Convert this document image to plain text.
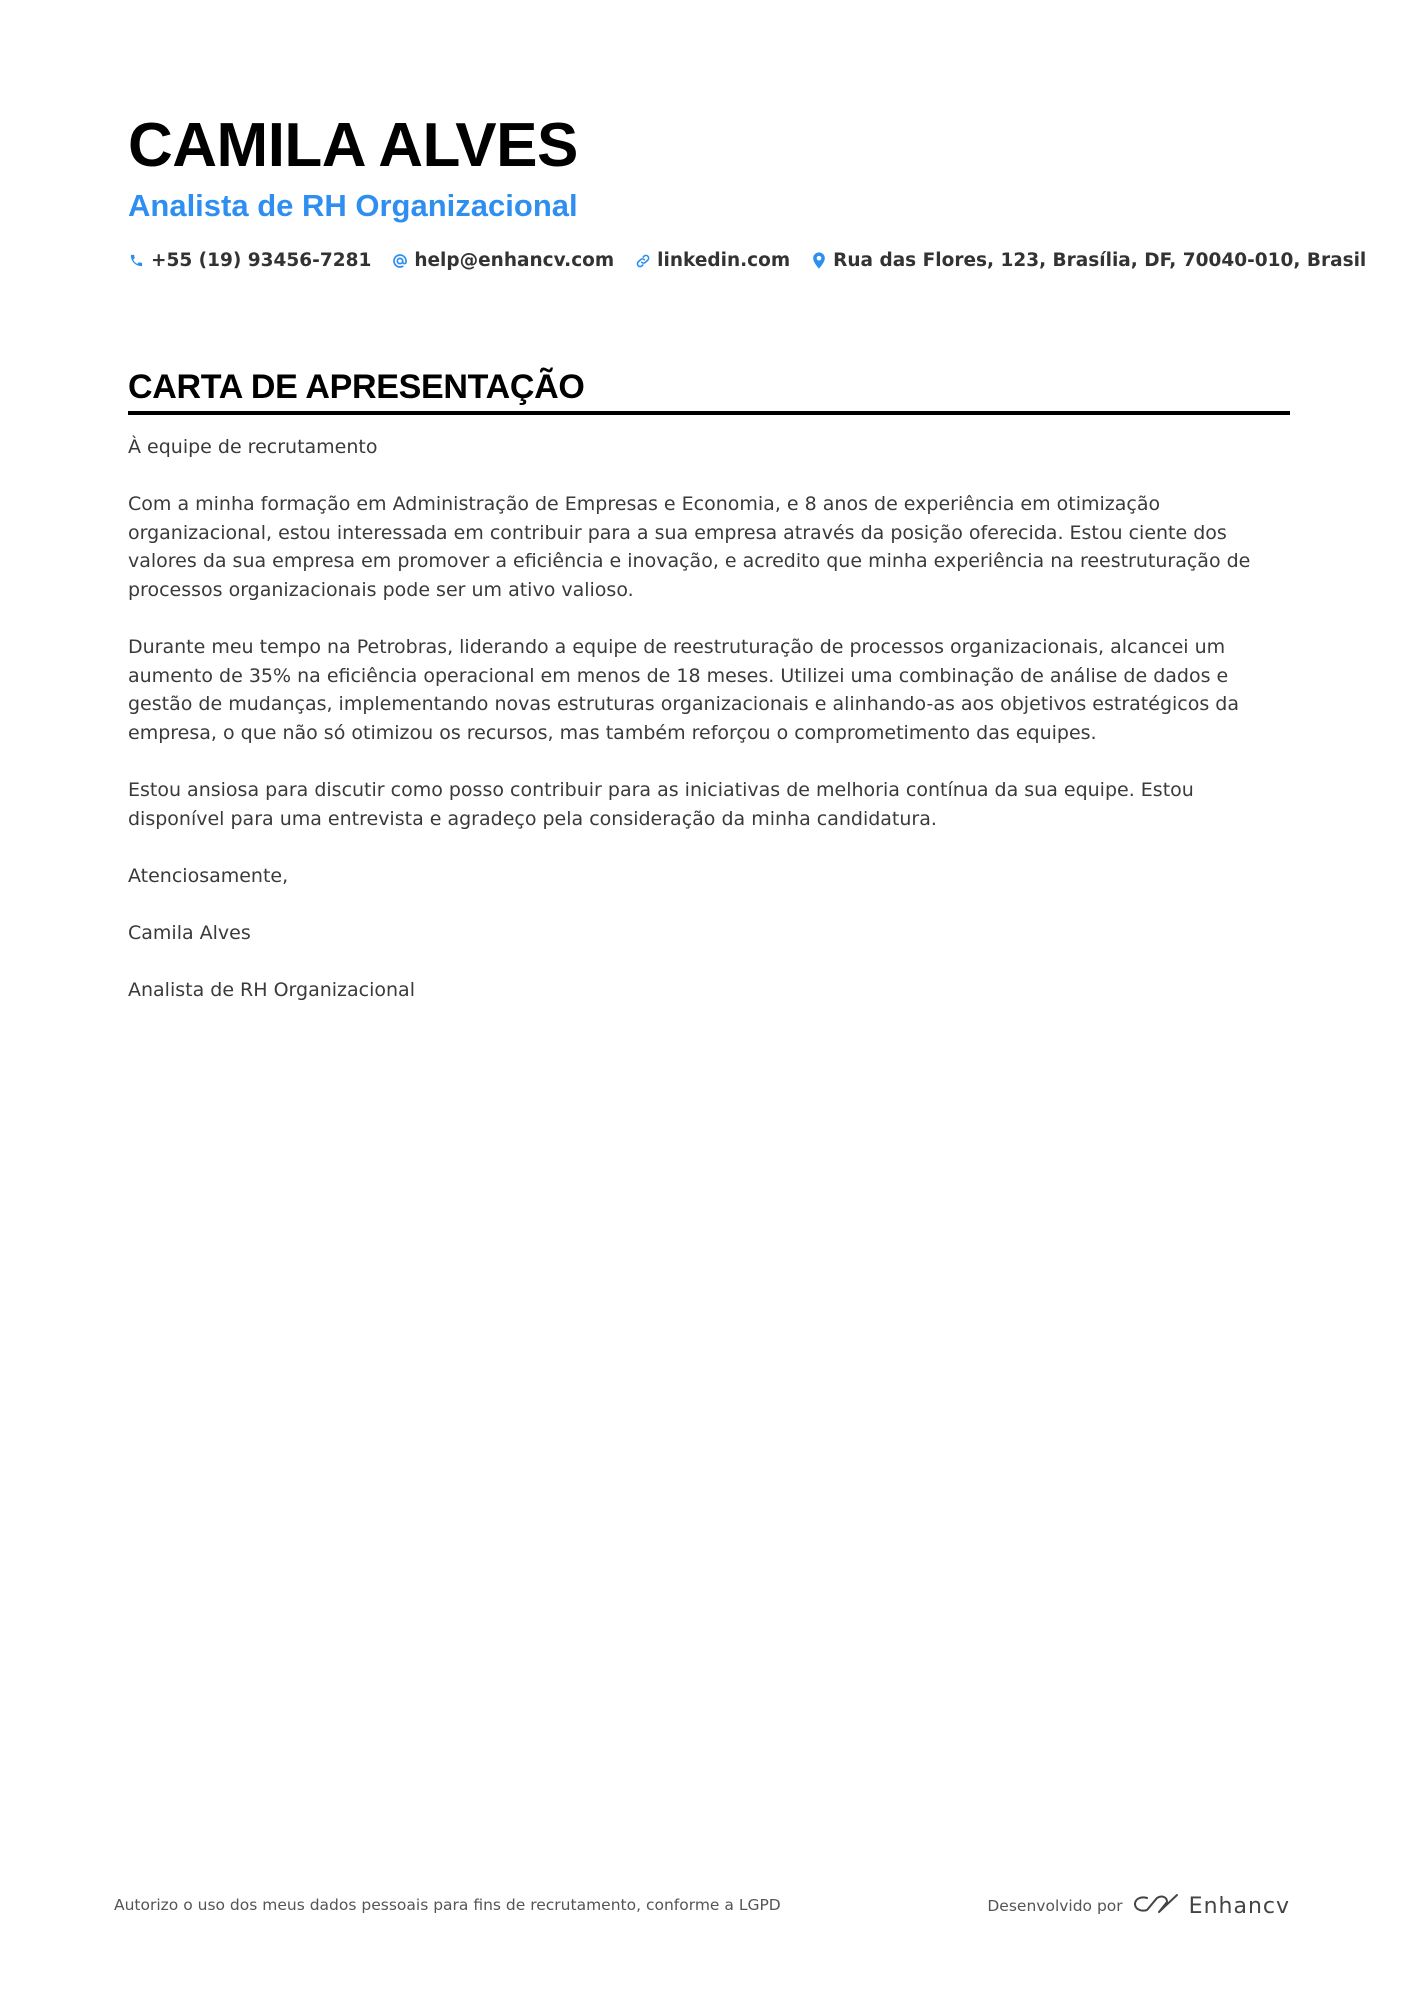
CAMILA ALVES
Analista de RH Organizacional
+55 (19) 93456-7281 help@enhancv.com linkedin.com Rua das Flores, 123, Brasília, DF, 70040-010, Brasil
CARTA DE APRESENTAÇÃO

À equipe de recrutamento

Com a minha formação em Administração de Empresas e Economia, e 8 anos de experiência em otimização organizacional, estou interessada em contribuir para a sua empresa através da posição oferecida. Estou ciente dos valores da sua empresa em promover a eficiência e inovação, e acredito que minha experiência na reestruturação de processos organizacionais pode ser um ativo valioso.

Durante meu tempo na Petrobras, liderando a equipe de reestruturação de processos organizacionais, alcancei um aumento de 35% na eficiência operacional em menos de 18 meses. Utilizei uma combinação de análise de dados e gestão de mudanças, implementando novas estruturas organizacionais e alinhando-as aos objetivos estratégicos da empresa, o que não só otimizou os recursos, mas também reforçou o comprometimento das equipes.

Estou ansiosa para discutir como posso contribuir para as iniciativas de melhoria contínua da sua equipe. Estou disponível para uma entrevista e agradeço pela consideração da minha candidatura.

Atenciosamente,

Camila Alves

Analista de RH Organizacional

Autorizo o uso dos meus dados pessoais para fins de recrutamento, conforme a LGPD	Desenvolvido por	Enhancv
